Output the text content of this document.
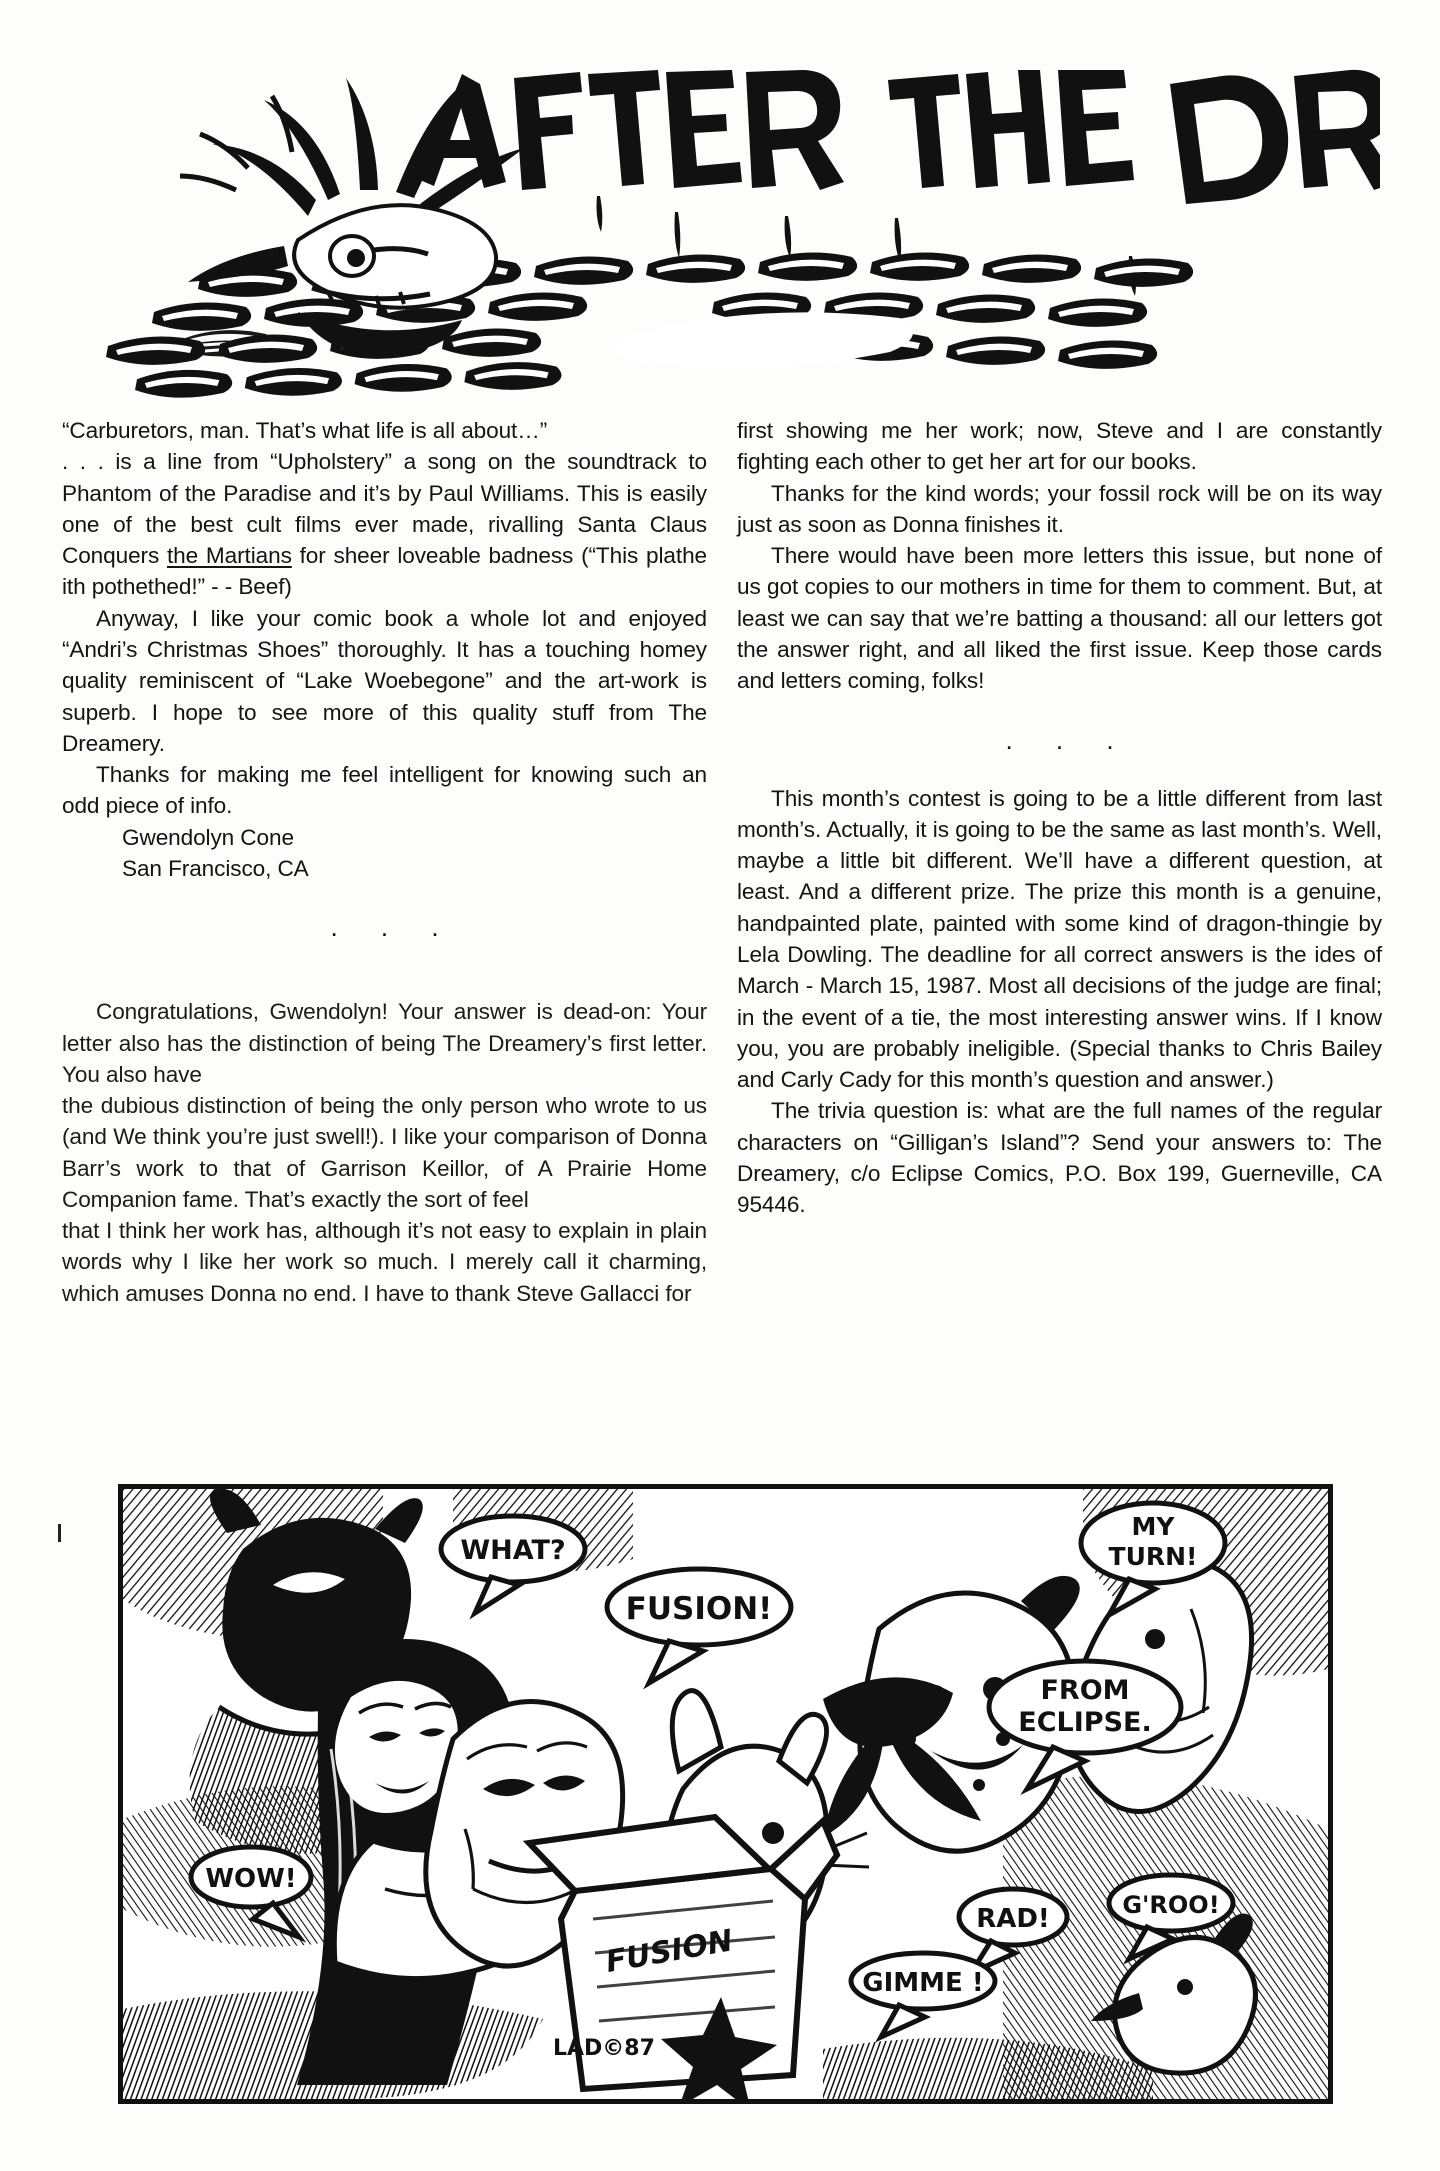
“Carburetors, man. That’s what life is all about…”

. . . is a line from “Upholstery” a song on the soundtrack to Phantom of the Paradise and it’s by Paul Williams. This is easily one of the best cult films ever made, rivalling Santa Claus Conquers the Martians for sheer loveable badness (“This plathe ith pothethed!” - - Beef)

Anyway, I like your comic book a whole lot and enjoyed “Andri’s Christmas Shoes” thoroughly. It has a touching homey quality reminiscent of “Lake Woebegone” and the art-work is superb. I hope to see more of this quality stuff from The Dreamery.

Thanks for making me feel intelligent for knowing such an odd piece of info.

Gwendolyn Cone

San Francisco, CA

. . .

Congratulations, Gwendolyn! Your answer is dead-on: Your letter also has the distinction of being The Dreamery’s first letter. You also have

the dubious distinction of being the only person who wrote to us (and We think you’re just swell!). I like your comparison of Donna Barr’s work to that of Garrison Keillor, of A Prairie Home Companion fame. That’s exactly the sort of feel

that I think her work has, although it’s not easy to explain in plain words why I like her work so much. I merely call it charming, which amuses Donna no end. I have to thank Steve Gallacci for

first showing me her work; now, Steve and I are constantly fighting each other to get her art for our books.

Thanks for the kind words; your fossil rock will be on its way just as soon as Donna finishes it.

There would have been more letters this issue, but none of us got copies to our mothers in time for them to comment. But, at least we can say that we’re batting a thousand: all our letters got the answer right, and all liked the first issue. Keep those cards and letters coming, folks!

. . .

This month’s contest is going to be a little different from last month’s. Actually, it is going to be the same as last month’s. Well, maybe a little bit different. We’ll have a different question, at least. And a different prize. The prize this month is a genuine, handpainted plate, painted with some kind of dragon-thingie by Lela Dowling. The deadline for all correct answers is the ides of March - March 15, 1987. Most all decisions of the judge are final; in the event of a tie, the most interesting answer wins. If I know you, you are probably ineligible. (Special thanks to Chris Bailey and Carly Cady for this month’s question and answer.)

The trivia question is: what are the full names of the regular characters on “Gilligan’s Island”? Send your answers to: The Dreamery, c/o Eclipse Comics, P.O. Box 199, Guerneville, CA 95446.

WHAT?
FUSION!
MY
TURN!
FROM
ECLIPSE.
WOW!
RAD!	G'ROO!
GIMME !
FUSION
LAD©87
